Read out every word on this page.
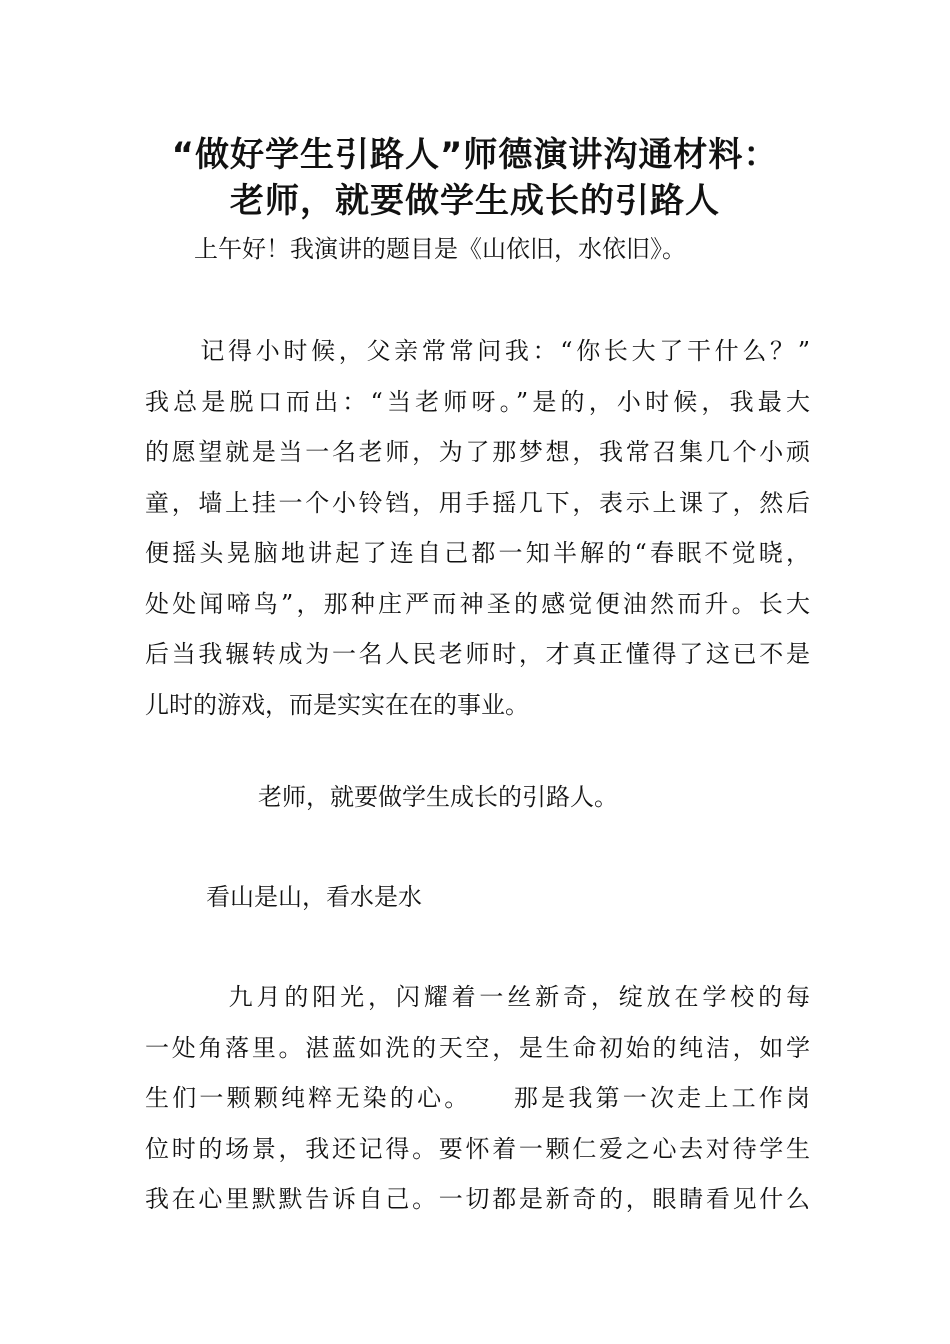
“做好学生引路人”师德演讲沟通材料：
老师，就要做学生成长的引路人

上午好！我演讲的题目是《山依旧，水依旧》。

　　记得小时候，父亲常常问我：“你长大了干什么？”
我总是脱口而出：“当老师呀。”是的，小时候，我最大
的愿望就是当一名老师，为了那梦想，我常召集几个小顽
童，墙上挂一个小铃铛，用手摇几下，表示上课了，然后
便摇头晃脑地讲起了连自己都一知半解的“春眠不觉晓，
处处闻啼鸟”，那种庄严而神圣的感觉便油然而升。长大
后当我辗转成为一名人民老师时，才真正懂得了这已不是
儿时的游戏，而是实实在在的事业。

老师，就要做学生成长的引路人。

看山是山，看水是水

　　　九月的阳光，闪耀着一丝新奇，绽放在学校的每
一处角落里。湛蓝如洗的天空，是生命初始的纯洁，如学
生们一颗颗纯粹无染的心。　　那是我第一次走上工作岗
位时的场景，我还记得。要怀着一颗仁爱之心去对待学生
我在心里默默告诉自己。一切都是新奇的，眼睛看见什么
